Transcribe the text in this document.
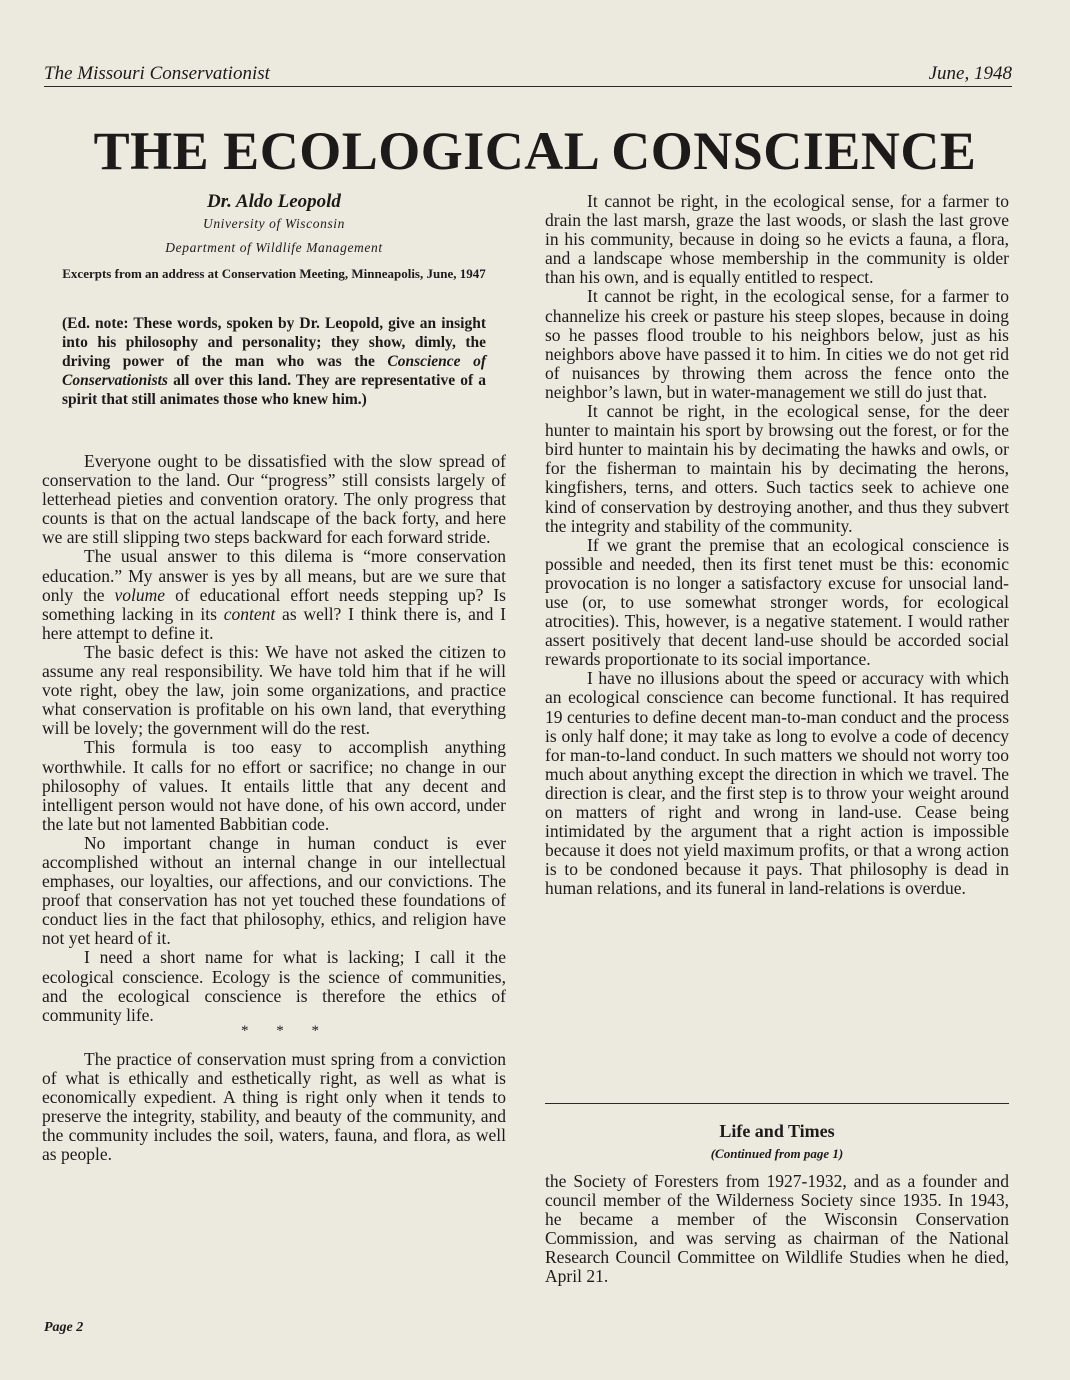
The Missouri Conservationist	June, 1948
THE ECOLOGICAL CONSCIENCE
Dr. Aldo Leopold
University of Wisconsin
Department of Wildlife Management
Excerpts from an address at Conservation Meeting, Minneapolis, June, 1947

(Ed. note: These words, spoken by Dr. Leopold, give an insight into his philosophy and personality; they show, dimly, the driving power of the man who was the Conscience of Conservationists all over this land. They are representative of a spirit that still animates those who knew him.)

Everyone ought to be dissatisfied with the slow spread of conservation to the land. Our “progress” still consists largely of letterhead pieties and convention oratory. The only progress that counts is that on the actual landscape of the back forty, and here we are still slipping two steps backward for each forward stride.

The usual answer to this dilema is “more conservation education.” My answer is yes by all means, but are we sure that only the volume of educational effort needs stepping up? Is something lacking in its content as well? I think there is, and I here attempt to define it.

The basic defect is this: We have not asked the citizen to assume any real responsibility. We have told him that if he will vote right, obey the law, join some organizations, and practice what conservation is profitable on his own land, that everything will be lovely; the government will do the rest.

This formula is too easy to accomplish anything worthwhile. It calls for no effort or sacrifice; no change in our philosophy of values. It entails little that any decent and intelligent person would not have done, of his own accord, under the late but not lamented Babbitian code.

No important change in human conduct is ever accomplished without an internal change in our intellectual emphases, our loyalties, our affections, and our convictions. The proof that conservation has not yet touched these foundations of conduct lies in the fact that philosophy, ethics, and religion have not yet heard of it.

I need a short name for what is lacking; I call it the ecological conscience. Ecology is the science of communities, and the ecological conscience is therefore the ethics of community life.

* * *

The practice of conservation must spring from a conviction of what is ethically and esthetically right, as well as what is economically expedient. A thing is right only when it tends to preserve the integrity, stability, and beauty of the community, and the community includes the soil, waters, fauna, and flora, as well as people.

It cannot be right, in the ecological sense, for a farmer to drain the last marsh, graze the last woods, or slash the last grove in his community, because in doing so he evicts a fauna, a flora, and a landscape whose membership in the community is older than his own, and is equally entitled to respect.

It cannot be right, in the ecological sense, for a farmer to channelize his creek or pasture his steep slopes, because in doing so he passes flood trouble to his neighbors below, just as his neighbors above have passed it to him. In cities we do not get rid of nuisances by throwing them across the fence onto the neighbor’s lawn, but in water-management we still do just that.

It cannot be right, in the ecological sense, for the deer hunter to maintain his sport by browsing out the forest, or for the bird hunter to maintain his by decimating the hawks and owls, or for the fisherman to maintain his by decimating the herons, kingfishers, terns, and otters. Such tactics seek to achieve one kind of conservation by destroying another, and thus they subvert the integrity and stability of the community.

If we grant the premise that an ecological conscience is possible and needed, then its first tenet must be this: economic provocation is no longer a satisfactory excuse for unsocial land-use (or, to use somewhat stronger words, for ecological atrocities). This, however, is a negative statement. I would rather assert positively that decent land-use should be accorded social rewards proportionate to its social importance.

I have no illusions about the speed or accuracy with which an ecological conscience can become functional. It has required 19 centuries to define decent man-to-man conduct and the process is only half done; it may take as long to evolve a code of decency for man-to-land conduct. In such matters we should not worry too much about anything except the direction in which we travel. The direction is clear, and the first step is to throw your weight around on matters of right and wrong in land-use. Cease being intimidated by the argument that a right action is impossible because it does not yield maximum profits, or that a wrong action is to be condoned because it pays. That philosophy is dead in human relations, and its funeral in land-relations is overdue.

Life and Times
(Continued from page 1)

the Society of Foresters from 1927-1932, and as a founder and council member of the Wilderness Society since 1935. In 1943, he became a member of the Wisconsin Conservation Commission, and was serving as chairman of the National Research Council Committee on Wildlife Studies when he died, April 21.

Page 2
